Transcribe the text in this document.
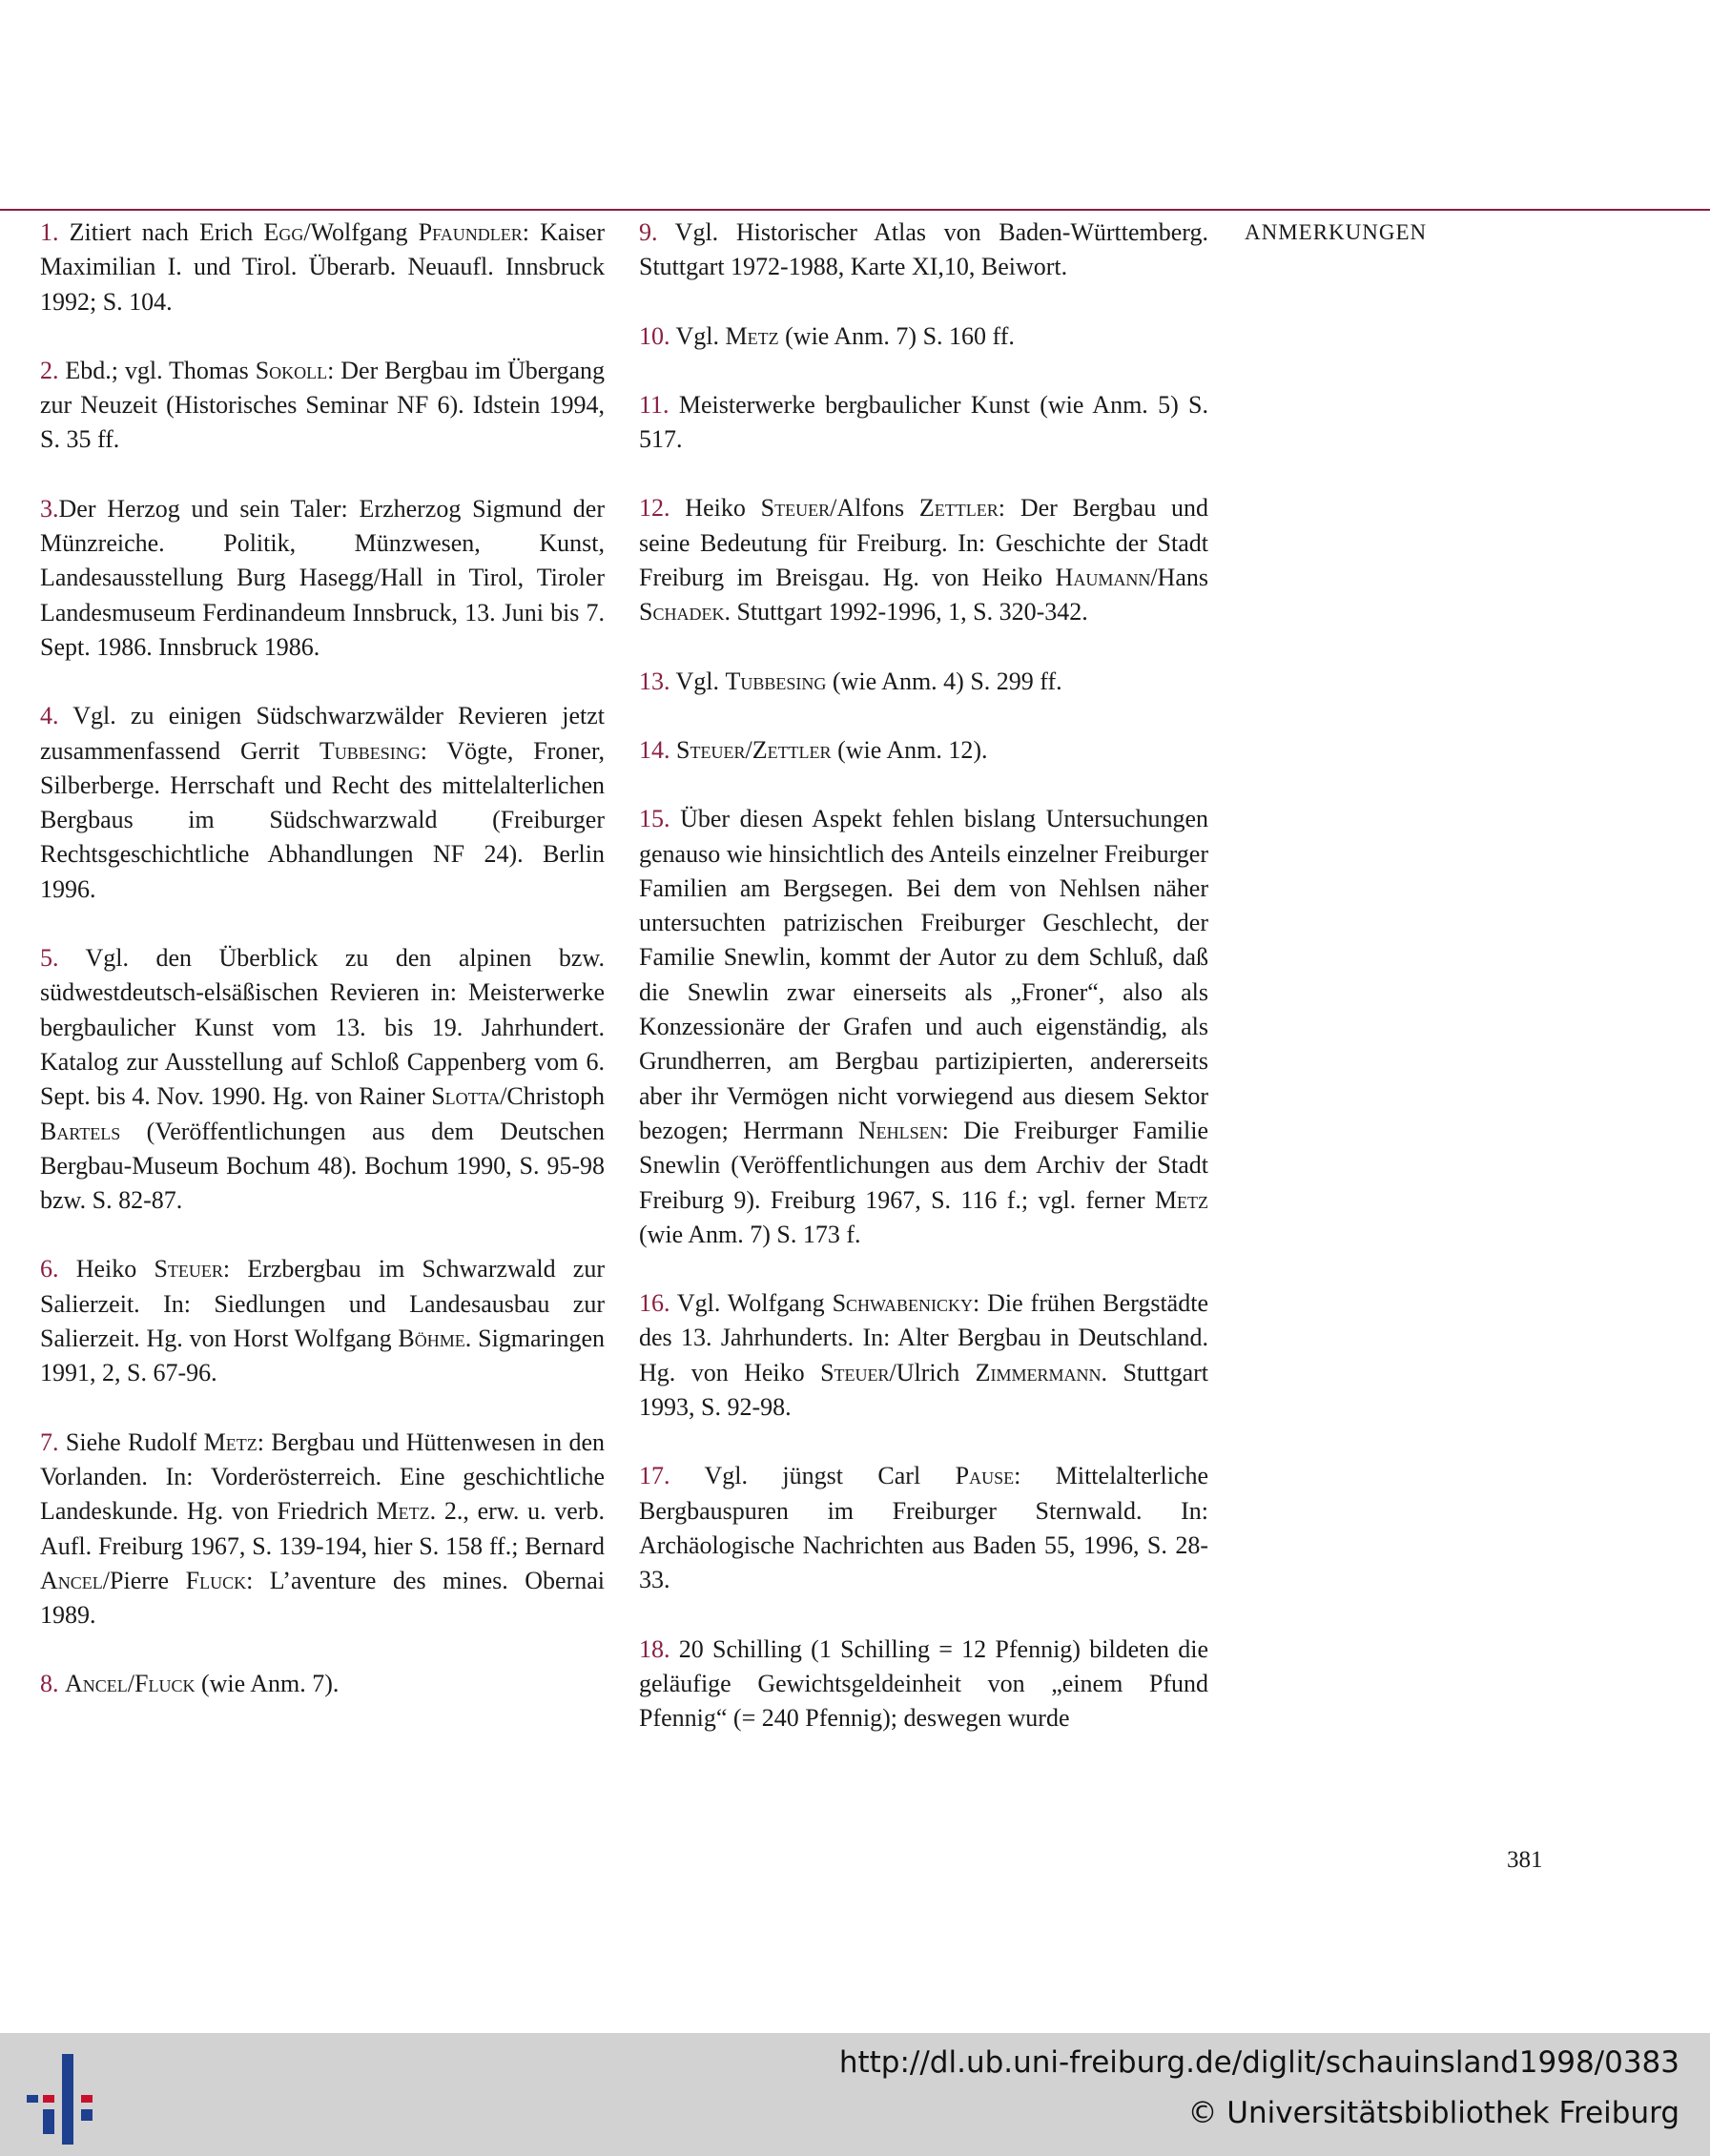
ANMERKUNGEN

1. Zitiert nach Erich Egg/Wolfgang Pfaundler: Kaiser Maximilian I. und Tirol. Überarb. Neuaufl. Innsbruck 1992; S. 104.

2. Ebd.; vgl. Thomas Sokoll: Der Bergbau im Übergang zur Neuzeit (Historisches Seminar NF 6). Idstein 1994, S. 35 ff.

3.Der Herzog und sein Taler: Erzherzog Sigmund der Münzreiche. Politik, Münzwesen, Kunst, Landesausstellung Burg Hasegg/Hall in Tirol, Tiroler Landesmuseum Ferdinandeum Innsbruck, 13. Juni bis 7. Sept. 1986. Innsbruck 1986.

4. Vgl. zu einigen Südschwarzwälder Revieren jetzt zusammenfassend Gerrit Tubbesing: Vögte, Froner, Silberberge. Herrschaft und Recht des mittelalterlichen Bergbaus im Südschwarzwald (Freiburger Rechtsgeschichtliche Abhandlungen NF 24). Berlin 1996.

5. Vgl. den Überblick zu den alpinen bzw. südwestdeutsch-elsäßischen Revieren in: Meisterwerke bergbaulicher Kunst vom 13. bis 19. Jahrhundert. Katalog zur Ausstellung auf Schloß Cappenberg vom 6. Sept. bis 4. Nov. 1990. Hg. von Rainer Slotta/Christoph Bartels (Veröffentlichungen aus dem Deutschen Bergbau-Museum Bochum 48). Bochum 1990, S. 95-98 bzw. S. 82-87.

6. Heiko Steuer: Erzbergbau im Schwarzwald zur Salierzeit. In: Siedlungen und Landesausbau zur Salierzeit. Hg. von Horst Wolfgang Böhme. Sigmaringen 1991, 2, S. 67-96.

7. Siehe Rudolf Metz: Bergbau und Hüttenwesen in den Vorlanden. In: Vorderösterreich. Eine geschichtliche Landeskunde. Hg. von Friedrich Metz. 2., erw. u. verb. Aufl. Freiburg 1967, S. 139-194, hier S. 158 ff.; Bernard Ancel/Pierre Fluck: L’aventure des mines. Obernai 1989.

8. Ancel/Fluck (wie Anm. 7).

9. Vgl. Historischer Atlas von Baden-Württemberg. Stuttgart 1972-1988, Karte XI,10, Beiwort.

10. Vgl. Metz (wie Anm. 7) S. 160 ff.

11. Meisterwerke bergbaulicher Kunst (wie Anm. 5) S. 517.

12. Heiko Steuer/Alfons Zettler: Der Bergbau und seine Bedeutung für Freiburg. In: Geschichte der Stadt Freiburg im Breisgau. Hg. von Heiko Haumann/Hans Schadek. Stuttgart 1992-1996, 1, S. 320-342.

13. Vgl. Tubbesing (wie Anm. 4) S. 299 ff.

14. Steuer/Zettler (wie Anm. 12).

15. Über diesen Aspekt fehlen bislang Untersuchungen genauso wie hinsichtlich des Anteils einzelner Freiburger Familien am Bergsegen. Bei dem von Nehlsen näher untersuchten patrizischen Freiburger Geschlecht, der Familie Snewlin, kommt der Autor zu dem Schluß, daß die Snewlin zwar einerseits als „Froner“, also als Konzessionäre der Grafen und auch eigenständig, als Grundherren, am Bergbau partizipierten, andererseits aber ihr Vermögen nicht vorwiegend aus diesem Sektor bezogen; Herrmann Nehlsen: Die Freiburger Familie Snewlin (Veröffentlichungen aus dem Archiv der Stadt Freiburg 9). Freiburg 1967, S. 116 f.; vgl. ferner Metz (wie Anm. 7) S. 173 f.

16. Vgl. Wolfgang Schwabenicky: Die frühen Bergstädte des 13. Jahrhunderts. In: Alter Bergbau in Deutschland. Hg. von Heiko Steuer/Ulrich Zimmermann. Stuttgart 1993, S. 92-98.

17. Vgl. jüngst Carl Pause: Mittelalterliche Bergbauspuren im Freiburger Sternwald. In: Archäologische Nachrichten aus Baden 55, 1996, S. 28-33.

18. 20 Schilling (1 Schilling = 12 Pfennig) bildeten die geläufige Gewichtsgeldeinheit von „einem Pfund Pfennig“ (= 240 Pfennig); deswegen wurde

381
http://dl.ub.uni-freiburg.de/diglit/schauinsland1998/0383
© Universitätsbibliothek Freiburg
